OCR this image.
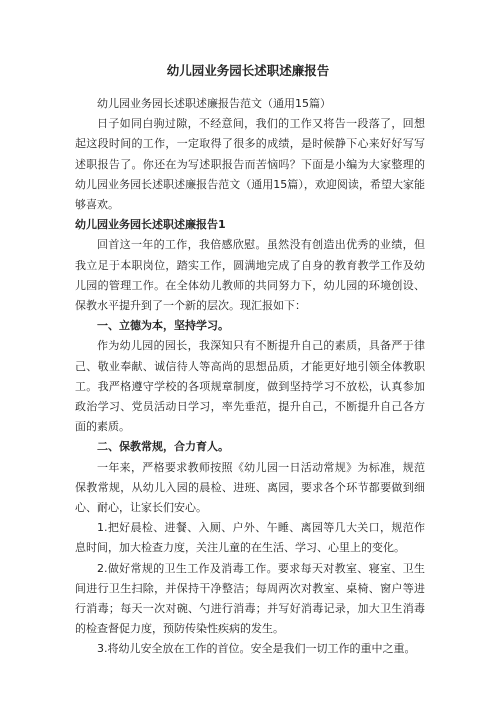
幼儿园业务园长述职述廉报告

幼儿园业务园长述职述廉报告范文（通用15篇）

日子如同白驹过隙，不经意间，我们的工作又将告一段落了，回想起这段时间的工作，一定取得了很多的成绩，是时候静下心来好好写写述职报告了。你还在为写述职报告而苦恼吗？下面是小编为大家整理的幼儿园业务园长述职述廉报告范文（通用15篇），欢迎阅读，希望大家能够喜欢。

幼儿园业务园长述职述廉报告1

回首这一年的工作，我倍感欣慰。虽然没有创造出优秀的业绩，但我立足于本职岗位，踏实工作，圆满地完成了自身的教育教学工作及幼儿园的管理工作。在全体幼儿教师的共同努力下，幼儿园的环境创设、保教水平提升到了一个新的层次。现汇报如下：

一、立德为本，坚持学习。

作为幼儿园的园长，我深知只有不断提升自己的素质，具备严于律己、敬业奉献、诚信待人等高尚的思想品质，才能更好地引领全体教职工。我严格遵守学校的各项规章制度，做到坚持学习不放松，认真参加政治学习、党员活动日学习，率先垂范，提升自己，不断提升自己各方面的素质。

二、保教常规，合力育人。

一年来，严格要求教师按照《幼儿园一日活动常规》为标准，规范保教常规，从幼儿入园的晨检、进班、离园，要求各个环节都要做到细心、耐心，让家长们安心。

1.把好晨检、进餐、入厕、户外、午睡、离园等几大关口，规范作息时间，加大检查力度，关注儿童的在生活、学习、心里上的变化。

2.做好常规的卫生工作及消毒工作。要求每天对教室、寝室、卫生间进行卫生扫除，并保持干净整洁；每周两次对教室、桌椅、窗户等进行消毒；每天一次对碗、勺进行消毒；并写好消毒记录，加大卫生消毒的检查督促力度，预防传染性疾病的发生。

3.将幼儿安全放在工作的首位。安全是我们一切工作的重中之重。
